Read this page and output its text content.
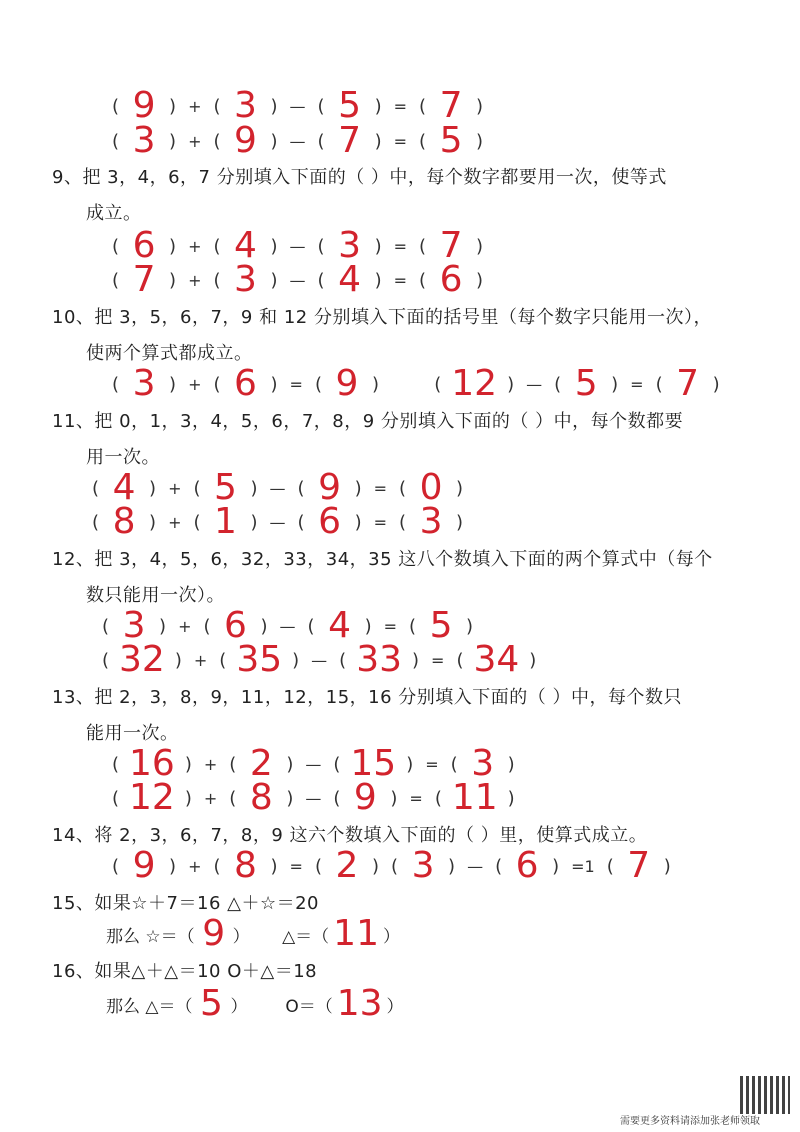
( 9 ) + ( 3 ) — ( 5 ) = ( 7 )
( 3 ) + ( 9 ) — ( 7 ) = ( 5 )
9、把 3，4，6，7 分别填入下面的（ ）中，每个数字都要用一次，使等式
成立。
( 6 ) + ( 4 ) — ( 3 ) = ( 7 )
( 7 ) + ( 3 ) — ( 4 ) = ( 6 )
10、把 3，5，6，7，9 和 12 分别填入下面的括号里（每个数字只能用一次），
使两个算式都成立。
( 3 ) + ( 6 ) = ( 9 )
	( 12 ) — ( 5 ) = ( 7 )
11、把 0，1，3，4，5，6，7，8，9 分别填入下面的（ ）中，每个数都要
用一次。
( 4 ) + ( 5 ) — ( 9 ) = ( 0 )
( 8 ) + ( 1 ) — ( 6 ) = ( 3 )
12、把 3，4，5，6，32，33，34，35 这八个数填入下面的两个算式中（每个
数只能用一次）。
( 3 ) + ( 6 ) — ( 4 ) = ( 5 )
( 32 ) + ( 35 ) — ( 33 ) = ( 34 )
13、把 2，3，8，9，11，12，15，16 分别填入下面的（ ）中，每个数只
能用一次。
( 16 ) + ( 2 ) — ( 15 ) = ( 3 )
( 12 ) + ( 8 ) — ( 9 ) = ( 11 )
14、将 2，3，6，7，8，9 这六个数填入下面的（ ）里，使算式成立。
( 9 ) + ( 8 ) = ( 2 ) ( 3 ) — ( 6 ) =1 ( 7 )
15、如果☆＋7＝16 △＋☆＝20
那么 ☆＝（ 9 ）
△＝（ 11 ）
16、如果△＋△＝10 O＋△＝18
那么 △＝（ 5 ）
O＝（ 13 ）
需要更多资料请添加张老师领取
